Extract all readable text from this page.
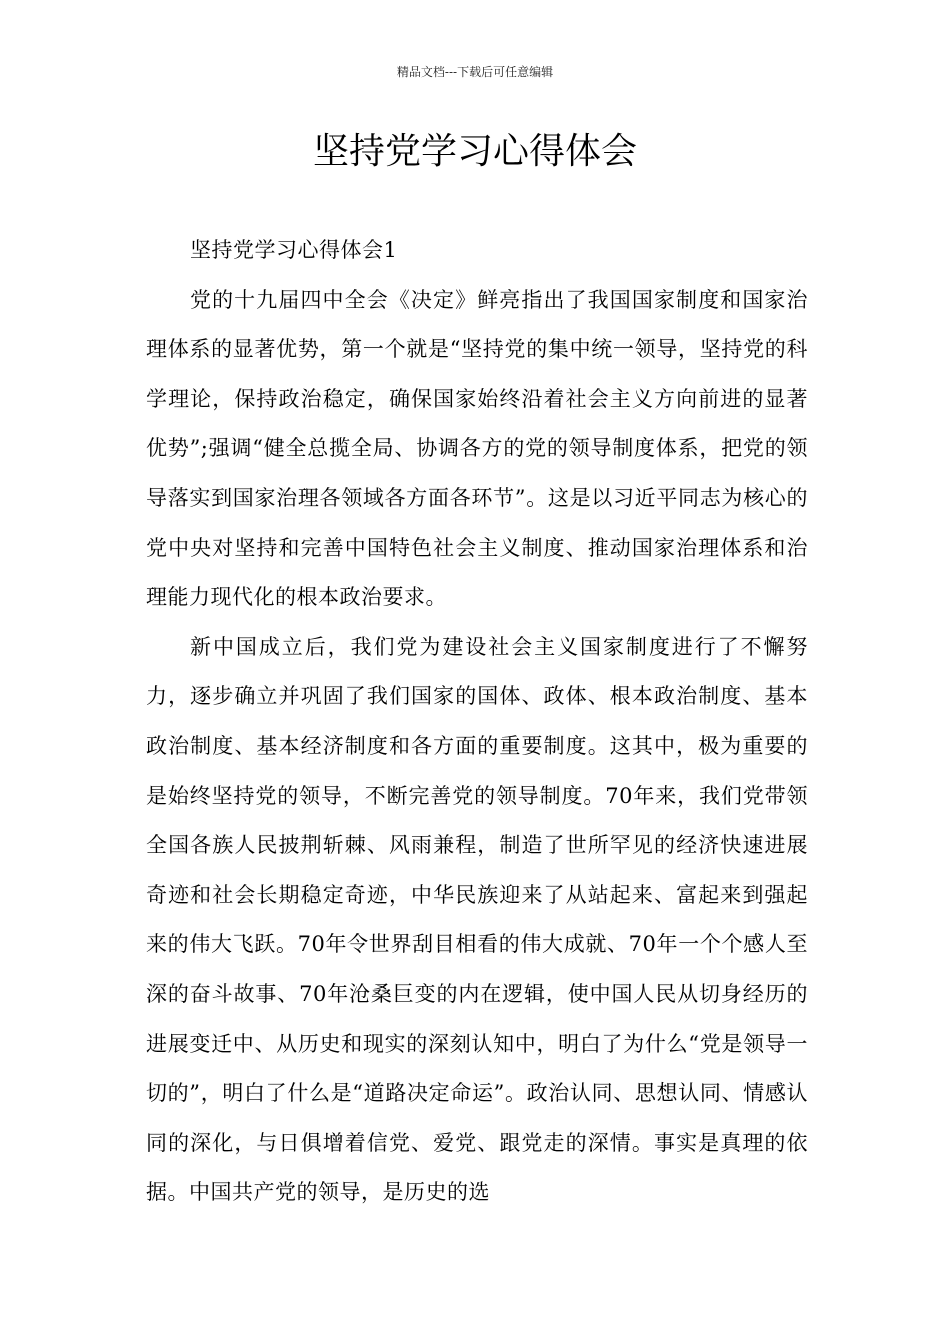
精品文档---下载后可任意编辑
坚持党学习心得体会

坚持党学习心得体会1

党的十九届四中全会《决定》鲜亮指出了我国国家制度和国家治理体系的显著优势，第一个就是“坚持党的集中统一领导，坚持党的科学理论，保持政治稳定，确保国家始终沿着社会主义方向前进的显著优势”;强调“健全总揽全局、协调各方的党的领导制度体系，把党的领导落实到国家治理各领域各方面各环节”。这是以习近平同志为核心的党中央对坚持和完善中国特色社会主义制度、推动国家治理体系和治理能力现代化的根本政治要求。

新中国成立后，我们党为建设社会主义国家制度进行了不懈努力，逐步确立并巩固了我们国家的国体、政体、根本政治制度、基本政治制度、基本经济制度和各方面的重要制度。这其中，极为重要的是始终坚持党的领导，不断完善党的领导制度。70年来，我们党带领全国各族人民披荆斩棘、风雨兼程，制造了世所罕见的经济快速进展奇迹和社会长期稳定奇迹，中华民族迎来了从站起来、富起来到强起来的伟大飞跃。70年令世界刮目相看的伟大成就、70年一个个感人至深的奋斗故事、70年沧桑巨变的内在逻辑，使中国人民从切身经历的进展变迁中、从历史和现实的深刻认知中，明白了为什么“党是领导一切的”，明白了什么是“道路决定命运”。政治认同、思想认同、情感认同的深化，与日俱增着信党、爱党、跟党走的深情。事实是真理的依据。中国共产党的领导，是历史的选
